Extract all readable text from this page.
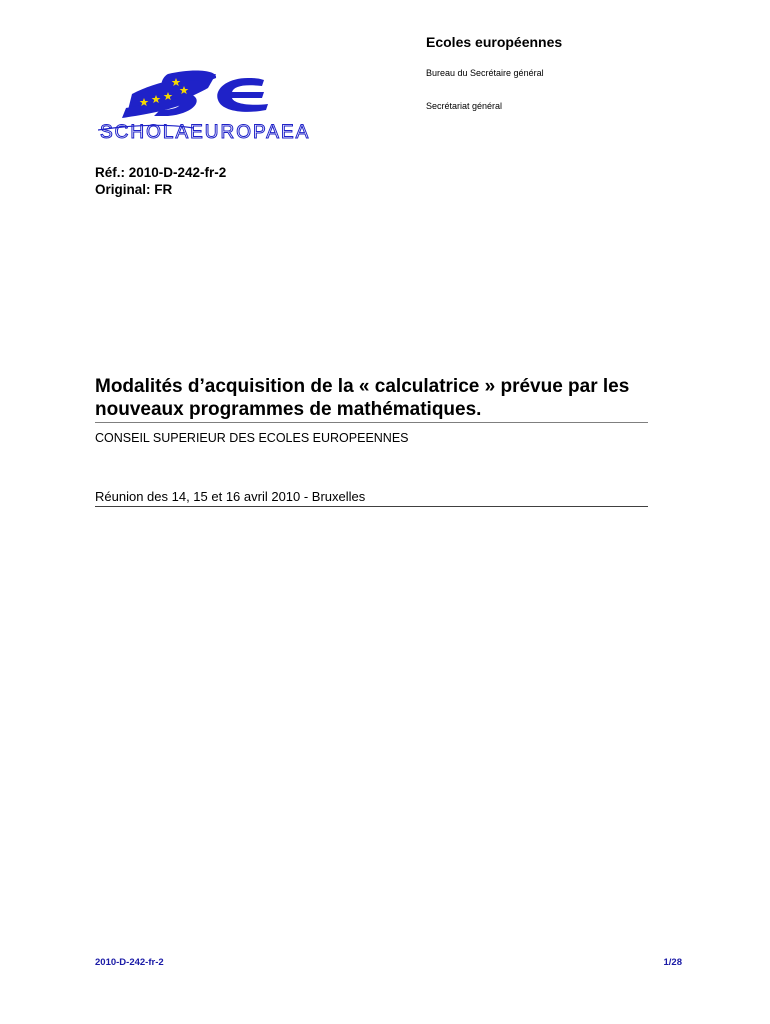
SCHOLAEUROPAEA
Ecoles européennes
Bureau du Secrétaire général
Secrétariat général
Réf.: 2010-D-242-fr-2
Original: FR
Modalités d’acquisition de la « calculatrice » prévue par les nouveaux programmes de mathématiques.
CONSEIL SUPERIEUR DES ECOLES EUROPEENNES
Réunion des 14, 15 et 16 avril 2010 - Bruxelles
2010-D-242-fr-2	1/28
